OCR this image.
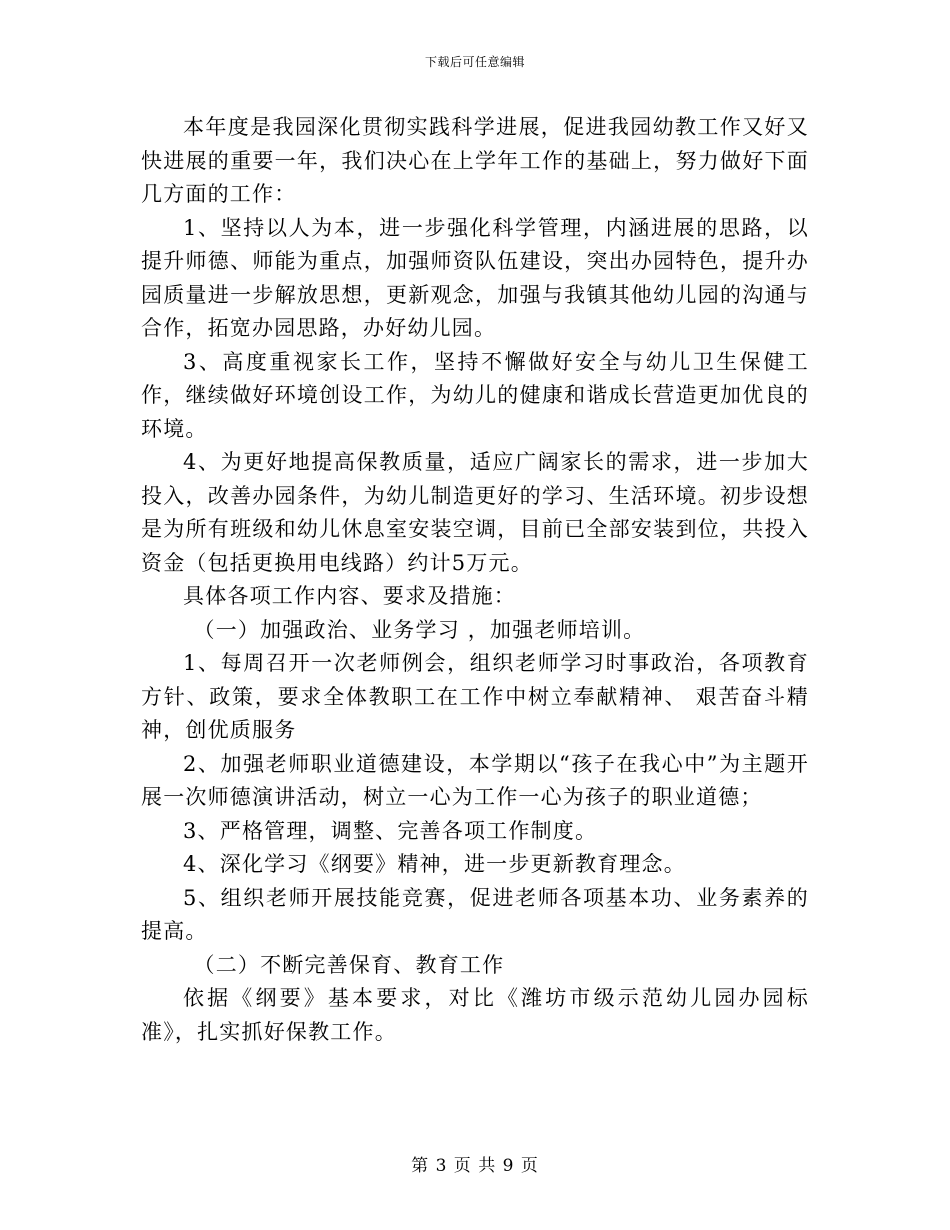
下载后可任意编辑

本年度是我园深化贯彻实践科学进展，促进我园幼教工作又好又快进展的重要一年，我们决心在上学年工作的基础上，努力做好下面几方面的工作：

1、坚持以人为本，进一步强化科学管理，内涵进展的思路，以提升师德、师能为重点，加强师资队伍建设，突出办园特色，提升办园质量进一步解放思想，更新观念，加强与我镇其他幼儿园的沟通与合作，拓宽办园思路，办好幼儿园。

3、高度重视家长工作，坚持不懈做好安全与幼儿卫生保健工作，继续做好环境创设工作，为幼儿的健康和谐成长营造更加优良的环境。

4、为更好地提高保教质量，适应广阔家长的需求，进一步加大投入，改善办园条件，为幼儿制造更好的学习、生活环境。初步设想是为所有班级和幼儿休息室安装空调，目前已全部安装到位，共投入资金（包括更换用电线路）约计5万元。

具体各项工作内容、要求及措施：

（一）加强政治、业务学习 ，加强老师培训。

1、每周召开一次老师例会，组织老师学习时事政治，各项教育方针、政策，要求全体教职工在工作中树立奉献精神、 艰苦奋斗精神，创优质服务

2、加强老师职业道德建设，本学期以“孩子在我心中”为主题开展一次师德演讲活动，树立一心为工作一心为孩子的职业道德；

3、严格管理，调整、完善各项工作制度。

4、深化学习《纲要》精神，进一步更新教育理念。

5、组织老师开展技能竞赛，促进老师各项基本功、业务素养的提高。

（二）不断完善保育、教育工作

依据《纲要》基本要求，对比《潍坊市级示范幼儿园办园标准》，扎实抓好保教工作。

第 3 页 共 9 页
